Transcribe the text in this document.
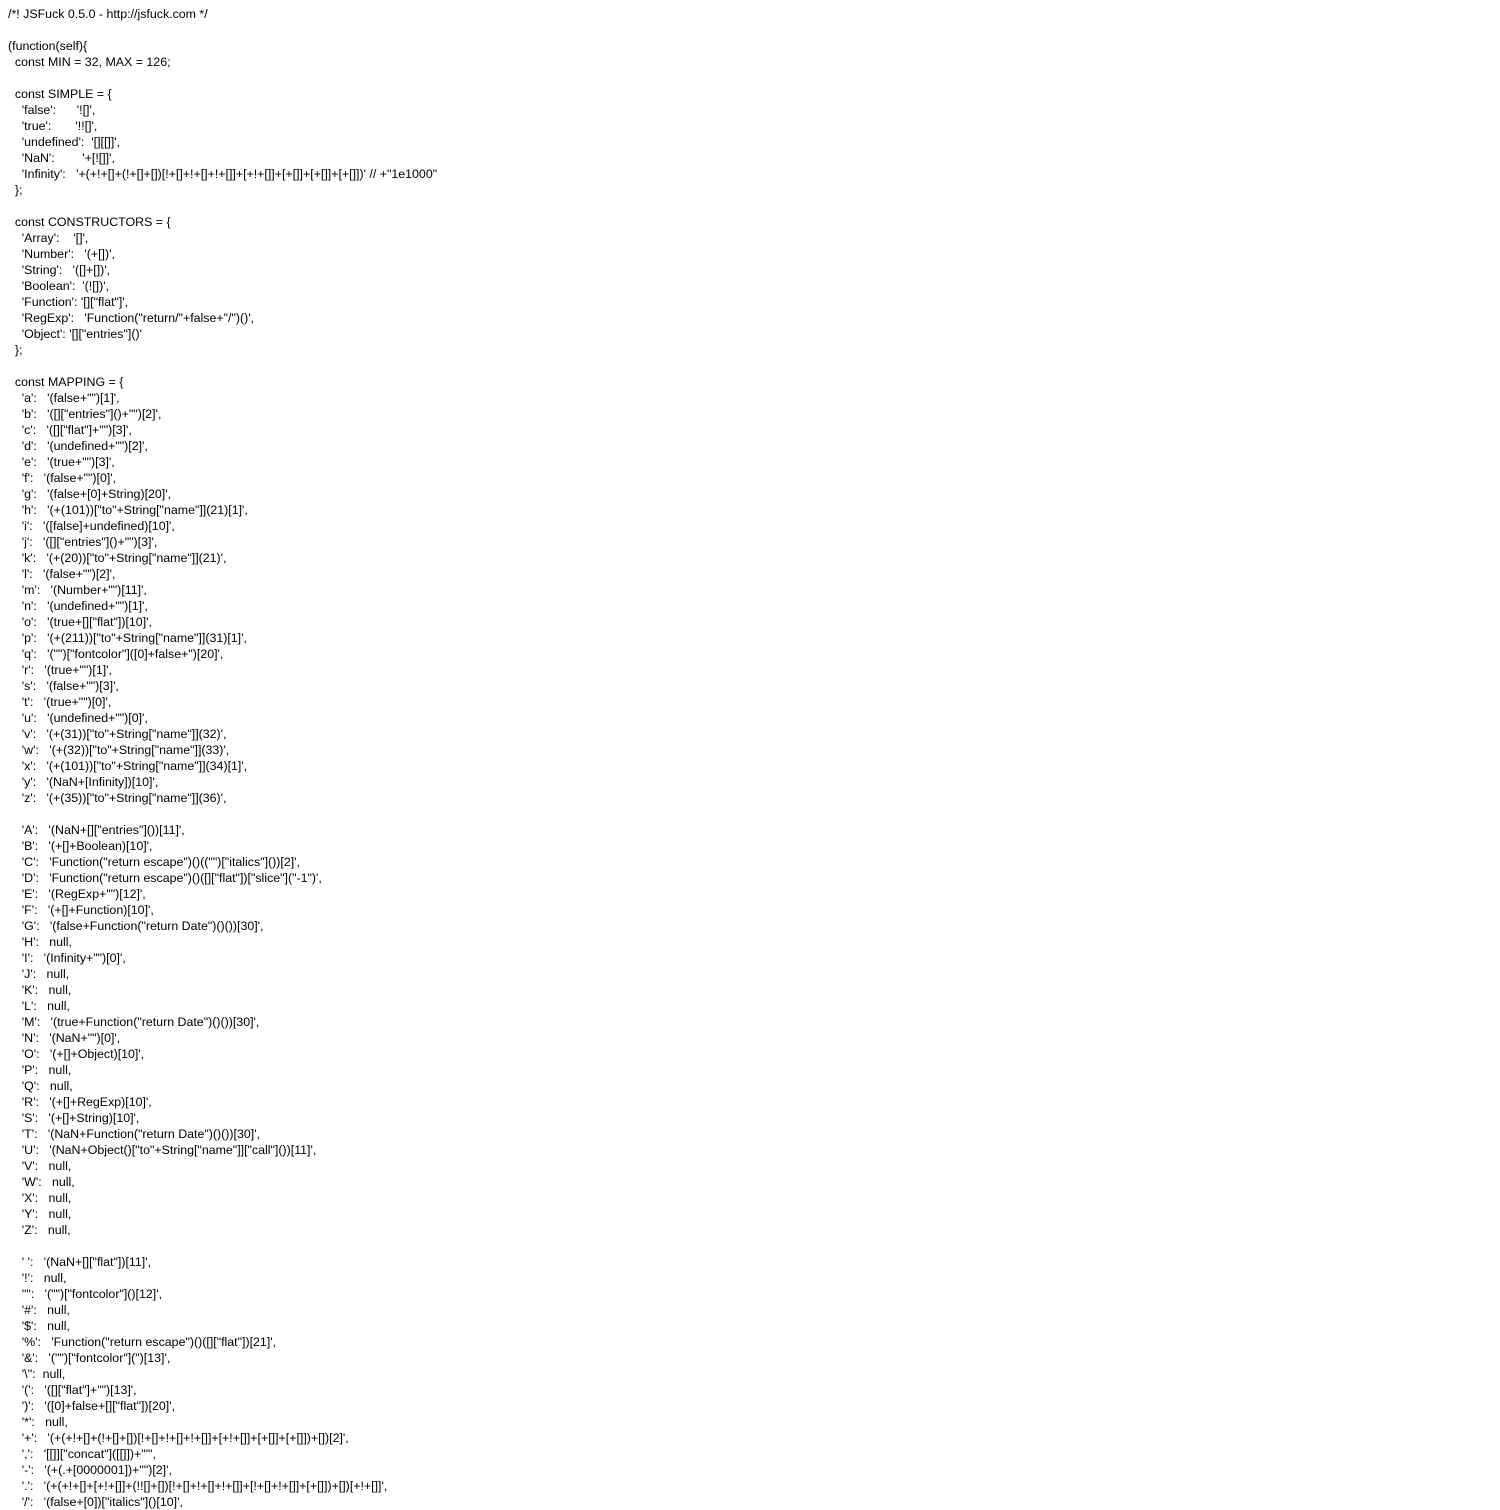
/*! JSFuck 0.5.0 - http://jsfuck.com */
(function(self){
const MIN = 32, MAX = 126;
const SIMPLE = {
'false':      '![]',
'true':       '!![]',
'undefined':  '[][[]]',
'NaN':        '+[![]]',
'Infinity':   '+(+!+[]+(!+[]+[])[!+[]+!+[]+!+[]]+[+!+[]]+[+[]]+[+[]]+[+[]])' // +"1e1000"
};
const CONSTRUCTORS = {
'Array':    '[]',
'Number':   '(+[])',
'String':   '([]+[])',
'Boolean':  '(![])',
'Function': '[]["flat"]',
'RegExp':   'Function("return/"+false+"/")()',
'Object': '[]["entries"]()'
};
const MAPPING = {
'a':   '(false+"")[1]',
'b':   '([]["entries"]()+"")[2]',
'c':   '([]["flat"]+"")[3]',
'd':   '(undefined+"")[2]',
'e':   '(true+"")[3]',
'f':   '(false+"")[0]',
'g':   '(false+[0]+String)[20]',
'h':   '(+(101))["to"+String["name"]](21)[1]',
'i':   '([false]+undefined)[10]',
'j':   '([]["entries"]()+"")[3]',
'k':   '(+(20))["to"+String["name"]](21)',
'l':   '(false+"")[2]',
'm':   '(Number+"")[11]',
'n':   '(undefined+"")[1]',
'o':   '(true+[]["flat"])[10]',
'p':   '(+(211))["to"+String["name"]](31)[1]',
'q':   '("")["fontcolor"]([0]+false+")[20]',
'r':   '(true+"")[1]',
's':   '(false+"")[3]',
't':   '(true+"")[0]',
'u':   '(undefined+"")[0]',
'v':   '(+(31))["to"+String["name"]](32)',
'w':   '(+(32))["to"+String["name"]](33)',
'x':   '(+(101))["to"+String["name"]](34)[1]',
'y':   '(NaN+[Infinity])[10]',
'z':   '(+(35))["to"+String["name"]](36)',
'A':   '(NaN+[]["entries"]())[11]',
'B':   '(+[]+Boolean)[10]',
'C':   'Function("return escape")()(("")["italics"]())[2]',
'D':   'Function("return escape")()([]["flat"])["slice"]("-1")',
'E':   '(RegExp+"")[12]',
'F':   '(+[]+Function)[10]',
'G':   '(false+Function("return Date")()())[30]',
'H':   null,
'I':   '(Infinity+"")[0]',
'J':   null,
'K':   null,
'L':   null,
'M':   '(true+Function("return Date")()())[30]',
'N':   '(NaN+"")[0]',
'O':   '(+[]+Object)[10]',
'P':   null,
'Q':   null,
'R':   '(+[]+RegExp)[10]',
'S':   '(+[]+String)[10]',
'T':   '(NaN+Function("return Date")()())[30]',
'U':   '(NaN+Object()["to"+String["name"]]["call"]())[11]',
'V':   null,
'W':   null,
'X':   null,
'Y':   null,
'Z':   null,
' ':   '(NaN+[]["flat"])[11]',
'!':   null,
'"':   '("")["fontcolor"]()[12]',
'#':   null,
'$':   null,
'%':   'Function("return escape")()([]["flat"])[21]',
'&':   '("")["fontcolor"](")[13]',
'\'':  null,
'(':   '([]["flat"]+"")[13]',
')':   '([0]+false+[]["flat"])[20]',
'*':   null,
'+':   '(+(+!+[]+(!+[]+[])[!+[]+!+[]+!+[]]+[+!+[]]+[+[]]+[+[]])+[])[2]',
',':   '[[]]["concat"]([[]])+""',
'-':   '(+(.+[0000001])+"")[2]',
'.':   '(+(+!+[]+[+!+[]]+(!![]+[])[!+[]+!+[]+!+[]]+[!+[]+!+[]]+[+[]])+[])[+!+[]]',
'/':   '(false+[0])["italics"]()[10]',
